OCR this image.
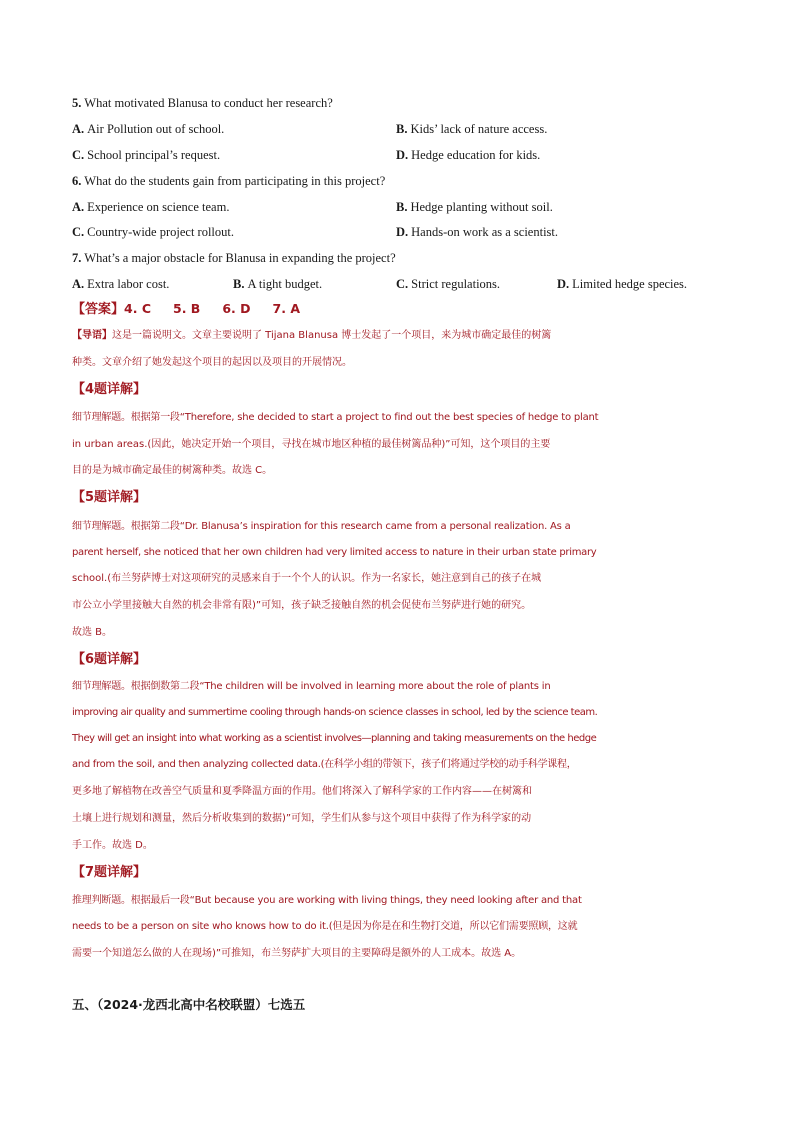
5. What motivated Blanusa to conduct her research?
A. Air Pollution out of school.	B. Kids’ lack of nature access.
C. School principal’s request.	D. Hedge education for kids.
6. What do the students gain from participating in this project?
A. Experience on science team.	B. Hedge planting without soil.
C. Country-wide project rollout.	D. Hands-on work as a scientist.
7. What’s a major obstacle for Blanusa in expanding the project?
A. Extra labor cost.	B. A tight budget.	C. Strict regulations.	D. Limited hedge species.
【答案】4. C 5. B 6. D 7. A
【导语】这是一篇说明文。文章主要说明了 Tijana Blanusa 博士发起了一个项目，来为城市确定最佳的树篱
种类。文章介绍了她发起这个项目的起因以及项目的开展情况。
【4题详解】
细节理解题。根据第一段“Therefore, she decided to start a project to find out the best species of hedge to plant
in urban areas.(因此，她决定开始一个项目，寻找在城市地区种植的最佳树篱品种)”可知，这个项目的主要
目的是为城市确定最佳的树篱种类。故选 C。
【5题详解】
细节理解题。根据第二段“Dr. Blanusa’s inspiration for this research came from a personal realization. As a
parent herself, she noticed that her own children had very limited access to nature in their urban state primary
school.(布兰努萨博士对这项研究的灵感来自于一个个人的认识。作为一名家长，她注意到自己的孩子在城
市公立小学里接触大自然的机会非常有限)”可知，孩子缺乏接触自然的机会促使布兰努萨进行她的研究。
故选 B。
【6题详解】
细节理解题。根据倒数第二段“The children will be involved in learning more about the role of plants in
improving air quality and summertime cooling through hands-on science classes in school, led by the science team.
They will get an insight into what working as a scientist involves—planning and taking measurements on the hedge
and from the soil, and then analyzing collected data.(在科学小组的带领下，孩子们将通过学校的动手科学课程，
更多地了解植物在改善空气质量和夏季降温方面的作用。他们将深入了解科学家的工作内容——在树篱和
土壤上进行规划和测量，然后分析收集到的数据)”可知，学生们从参与这个项目中获得了作为科学家的动
手工作。故选 D。
【7题详解】
推理判断题。根据最后一段“But because you are working with living things, they need looking after and that
needs to be a person on site who knows how to do it.(但是因为你是在和生物打交道，所以它们需要照顾，这就
需要一个知道怎么做的人在现场)”可推知，布兰努萨扩大项目的主要障碍是额外的人工成本。故选 A。
五、（2024·龙西北高中名校联盟）七选五
